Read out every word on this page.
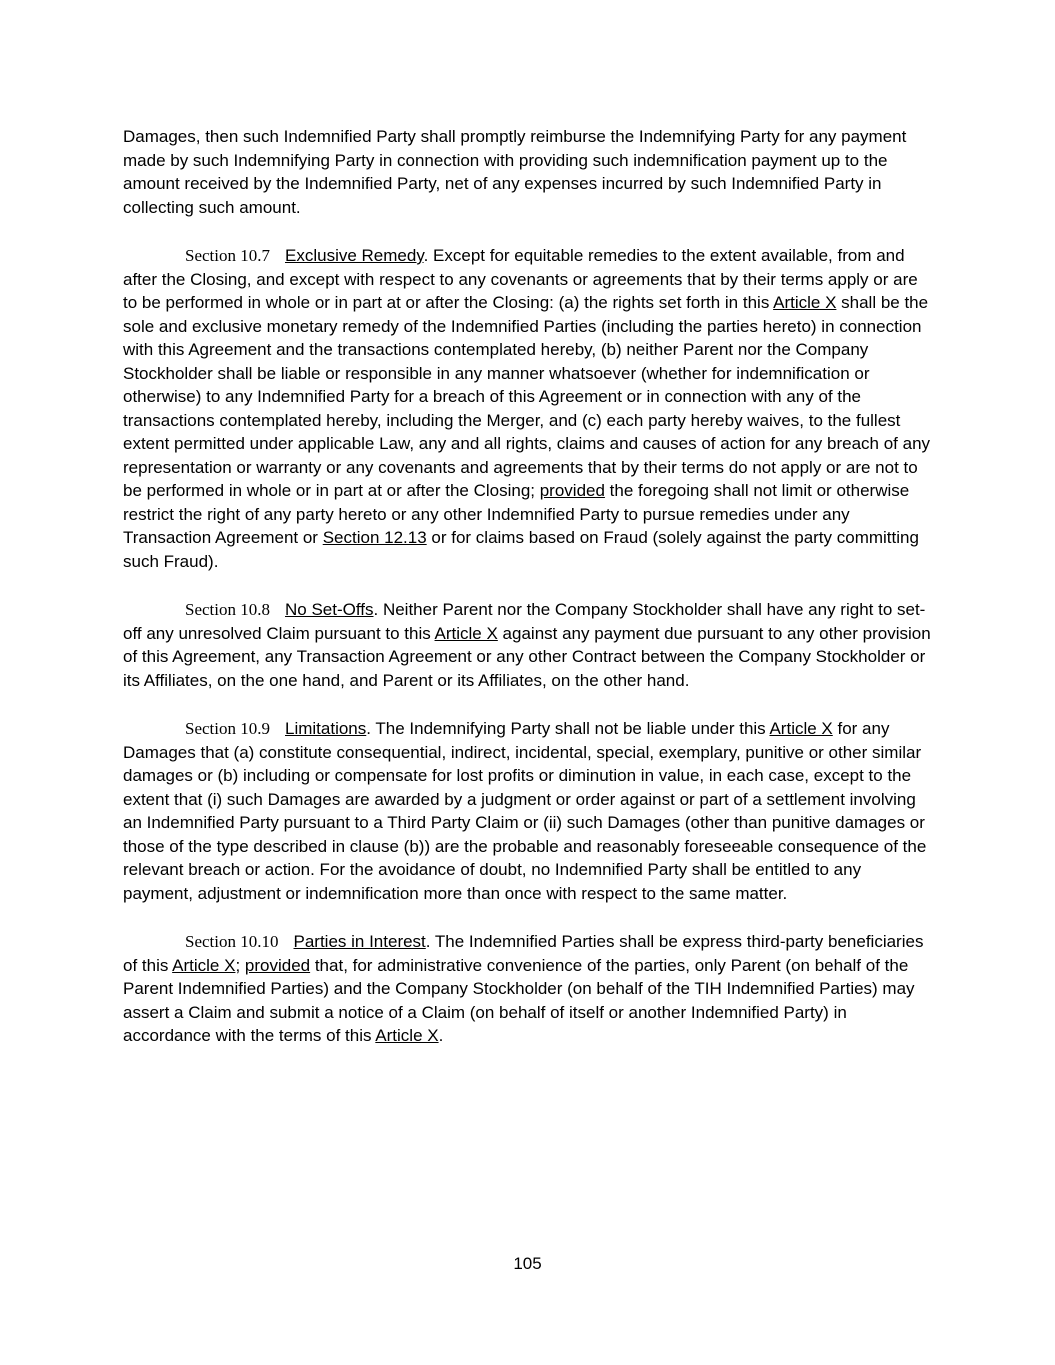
Damages, then such Indemnified Party shall promptly reimburse the Indemnifying Party for any payment made by such Indemnifying Party in connection with providing such indemnification payment up to the amount received by the Indemnified Party, net of any expenses incurred by such Indemnified Party in collecting such amount.

Section 10.7 Exclusive Remedy. Except for equitable remedies to the extent available, from and after the Closing, and except with respect to any covenants or agreements that by their terms apply or are to be performed in whole or in part at or after the Closing: (a) the rights set forth in this Article X shall be the sole and exclusive monetary remedy of the Indemnified Parties (including the parties hereto) in connection with this Agreement and the transactions contemplated hereby, (b) neither Parent nor the Company Stockholder shall be liable or responsible in any manner whatsoever (whether for indemnification or otherwise) to any Indemnified Party for a breach of this Agreement or in connection with any of the transactions contemplated hereby, including the Merger, and (c) each party hereby waives, to the fullest extent permitted under applicable Law, any and all rights, claims and causes of action for any breach of any representation or warranty or any covenants and agreements that by their terms do not apply or are not to be performed in whole or in part at or after the Closing; provided the foregoing shall not limit or otherwise restrict the right of any party hereto or any other Indemnified Party to pursue remedies under any Transaction Agreement or Section 12.13 or for claims based on Fraud (solely against the party committing such Fraud).

Section 10.8 No Set-Offs. Neither Parent nor the Company Stockholder shall have any right to set-off any unresolved Claim pursuant to this Article X against any payment due pursuant to any other provision of this Agreement, any Transaction Agreement or any other Contract between the Company Stockholder or its Affiliates, on the one hand, and Parent or its Affiliates, on the other hand.

Section 10.9 Limitations. The Indemnifying Party shall not be liable under this Article X for any Damages that (a) constitute consequential, indirect, incidental, special, exemplary, punitive or other similar damages or (b) including or compensate for lost profits or diminution in value, in each case, except to the extent that (i) such Damages are awarded by a judgment or order against or part of a settlement involving an Indemnified Party pursuant to a Third Party Claim or (ii) such Damages (other than punitive damages or those of the type described in clause (b)) are the probable and reasonably foreseeable consequence of the relevant breach or action. For the avoidance of doubt, no Indemnified Party shall be entitled to any payment, adjustment or indemnification more than once with respect to the same matter.

Section 10.10 Parties in Interest. The Indemnified Parties shall be express third-party beneficiaries of this Article X; provided that, for administrative convenience of the parties, only Parent (on behalf of the Parent Indemnified Parties) and the Company Stockholder (on behalf of the TIH Indemnified Parties) may assert a Claim and submit a notice of a Claim (on behalf of itself or another Indemnified Party) in accordance with the terms of this Article X.

105
